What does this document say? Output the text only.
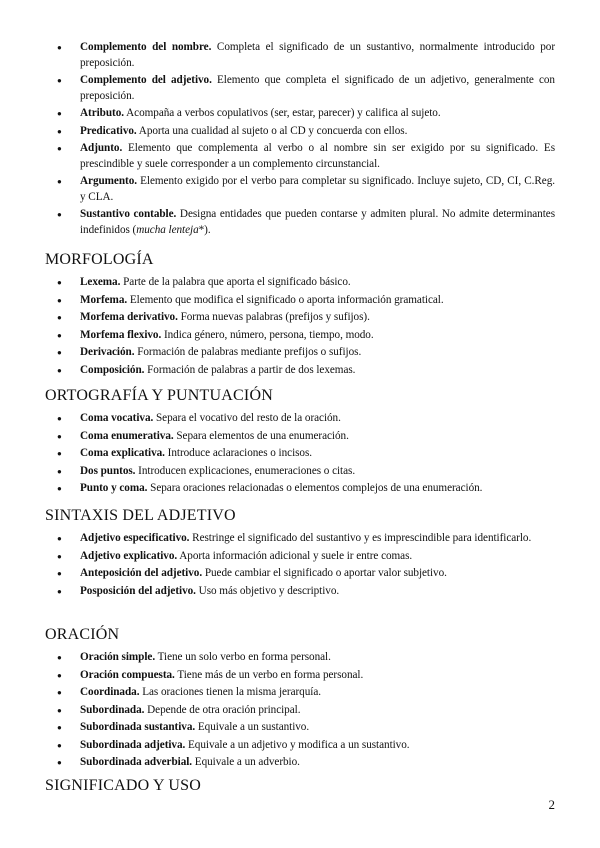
● Complemento del nombre. Completa el significado de un sustantivo, normalmente introducido por preposición.
● Complemento del adjetivo. Elemento que completa el significado de un adjetivo, generalmente con preposición.
● Atributo. Acompaña a verbos copulativos (ser, estar, parecer) y califica al sujeto.
● Predicativo. Aporta una cualidad al sujeto o al CD y concuerda con ellos.
● Adjunto. Elemento que complementa al verbo o al nombre sin ser exigido por su significado. Es prescindible y suele corresponder a un complemento circunstancial.
● Argumento. Elemento exigido por el verbo para completar su significado. Incluye sujeto, CD, CI, C.Reg. y CLA.
● Sustantivo contable. Designa entidades que pueden contarse y admiten plural. No admite determinantes indefinidos (mucha lenteja*).
MORFOLOGÍA
● Lexema. Parte de la palabra que aporta el significado básico.
● Morfema. Elemento que modifica el significado o aporta información gramatical.
● Morfema derivativo. Forma nuevas palabras (prefijos y sufijos).
● Morfema flexivo. Indica género, número, persona, tiempo, modo.
● Derivación. Formación de palabras mediante prefijos o sufijos.
● Composición. Formación de palabras a partir de dos lexemas.
ORTOGRAFÍA Y PUNTUACIÓN
● Coma vocativa. Separa el vocativo del resto de la oración.
● Coma enumerativa. Separa elementos de una enumeración.
● Coma explicativa. Introduce aclaraciones o incisos.
● Dos puntos. Introducen explicaciones, enumeraciones o citas.
● Punto y coma. Separa oraciones relacionadas o elementos complejos de una enumeración.
SINTAXIS DEL ADJETIVO
● Adjetivo especificativo. Restringe el significado del sustantivo y es imprescindible para identificarlo.
● Adjetivo explicativo. Aporta información adicional y suele ir entre comas.
● Anteposición del adjetivo. Puede cambiar el significado o aportar valor subjetivo.
● Posposición del adjetivo. Uso más objetivo y descriptivo.
ORACIÓN
● Oración simple. Tiene un solo verbo en forma personal.
● Oración compuesta. Tiene más de un verbo en forma personal.
● Coordinada. Las oraciones tienen la misma jerarquía.
● Subordinada. Depende de otra oración principal.
● Subordinada sustantiva. Equivale a un sustantivo.
● Subordinada adjetiva. Equivale a un adjetivo y modifica a un sustantivo.
● Subordinada adverbial. Equivale a un adverbio.
SIGNIFICADO Y USO
2
